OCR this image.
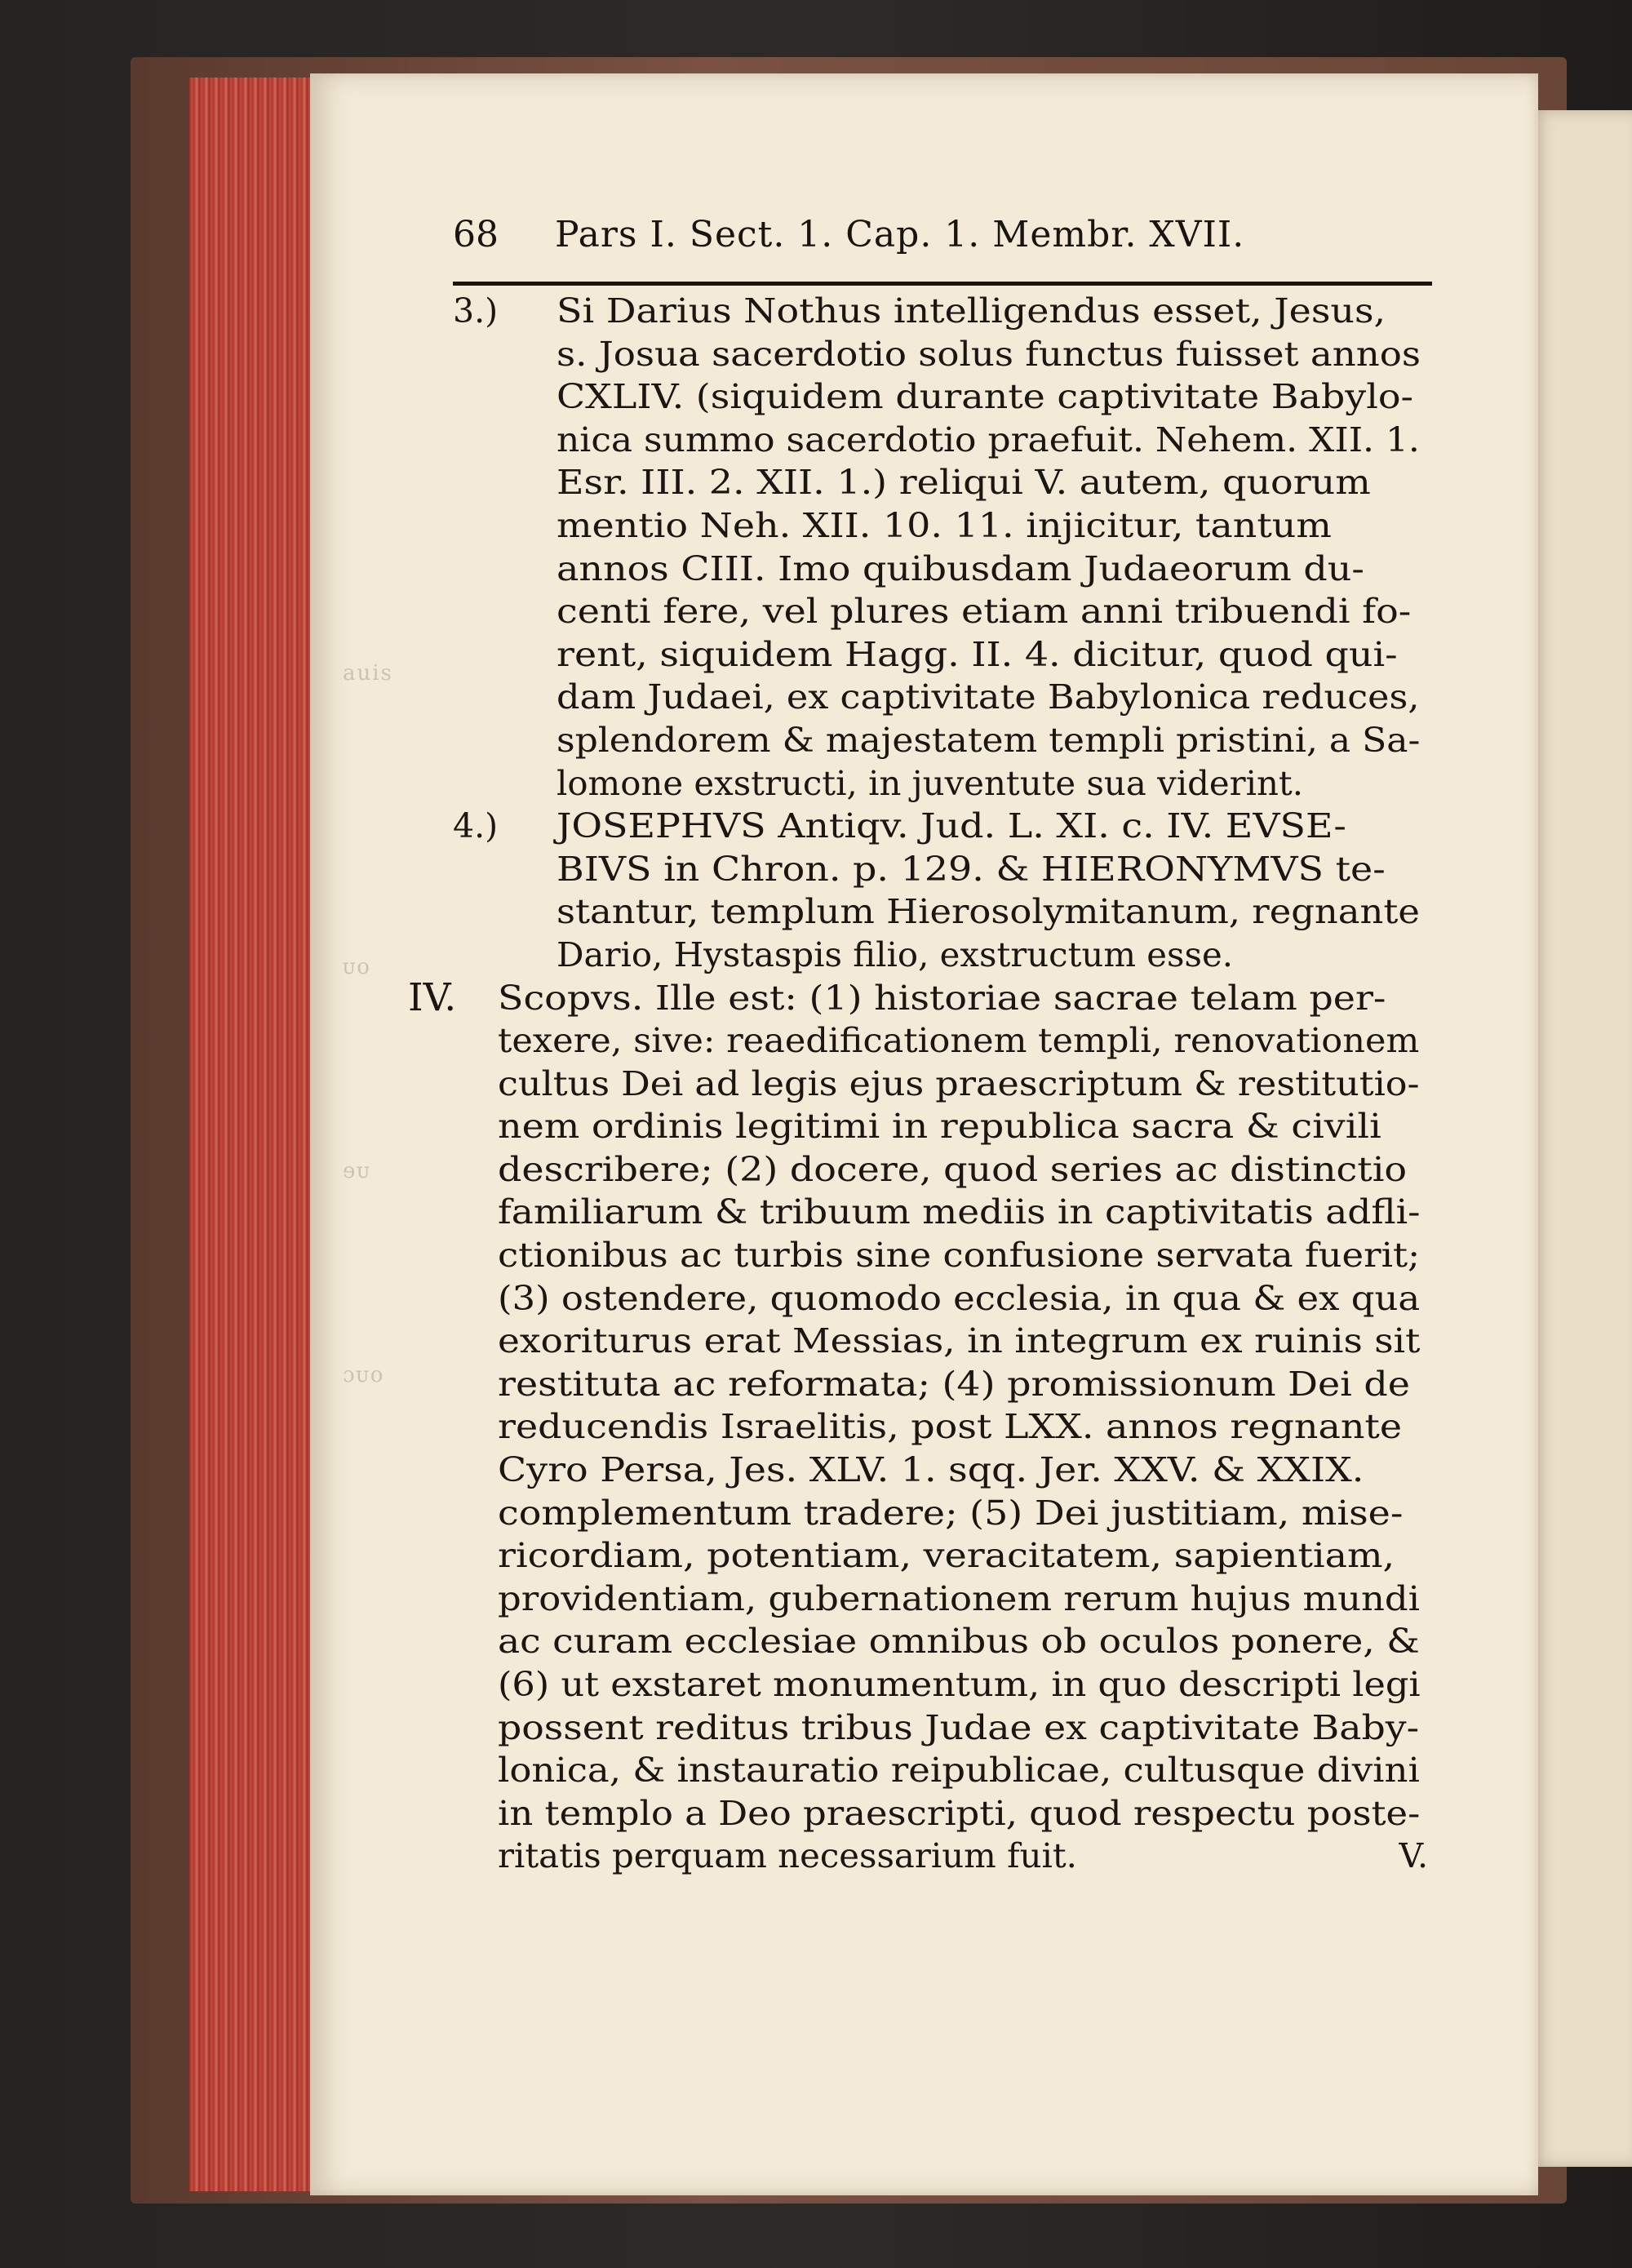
auis
ᴜᴏ
ɘᴜ
ɔᴜᴏ
68 Pars I. Sect. 1. Cap. 1. Membr. XVII.
3.) Si Darius Nothus intelligendus esset, Jesus,
s. Josua sacerdotio solus functus fuisset annos
CXLIV. (siquidem durante captivitate Babylo-
nica summo sacerdotio praefuit. Nehem. XII. 1.
Esr. III. 2. XII. 1.) reliqui V. autem, quorum
mentio Neh. XII. 10. 11. injicitur, tantum
annos CIII. Imo quibusdam Judaeorum du-
centi fere, vel plures etiam anni tribuendi fo-
rent, siquidem Hagg. II. 4. dicitur, quod qui-
dam Judaei, ex captivitate Babylonica reduces,
splendorem & majestatem templi pristini, a Sa-
lomone exstructi, in juventute sua viderint.
4.) JOSEPHVS Antiqv. Jud. L. XI. c. IV. EVSE-
BIVS in Chron. p. 129. & HIERONYMVS te-
stantur, templum Hierosolymitanum, regnante
Dario, Hystaspis filio, exstructum esse.
IV. Scopvs. Ille est: (1) historiae sacrae telam per-
texere, sive: reaedificationem templi, renovationem
cultus Dei ad legis ejus praescriptum & restitutio-
nem ordinis legitimi in republica sacra & civili
describere; (2) docere, quod series ac distinctio
familiarum & tribuum mediis in captivitatis adfli-
ctionibus ac turbis sine confusione servata fuerit;
(3) ostendere, quomodo ecclesia, in qua & ex qua
exoriturus erat Messias, in integrum ex ruinis sit
restituta ac reformata; (4) promissionum Dei de
reducendis Israelitis, post LXX. annos regnante
Cyro Persa, Jes. XLV. 1. sqq. Jer. XXV. & XXIX.
complementum tradere; (5) Dei justitiam, mise-
ricordiam, potentiam, veracitatem, sapientiam,
providentiam, gubernationem rerum hujus mundi
ac curam ecclesiae omnibus ob oculos ponere, &
(6) ut exstaret monumentum, in quo descripti legi
possent reditus tribus Judae ex captivitate Baby-
lonica, & instauratio reipublicae, cultusque divini
in templo a Deo praescripti, quod respectu poste-
ritatis perquam necessarium fuit.	V.
